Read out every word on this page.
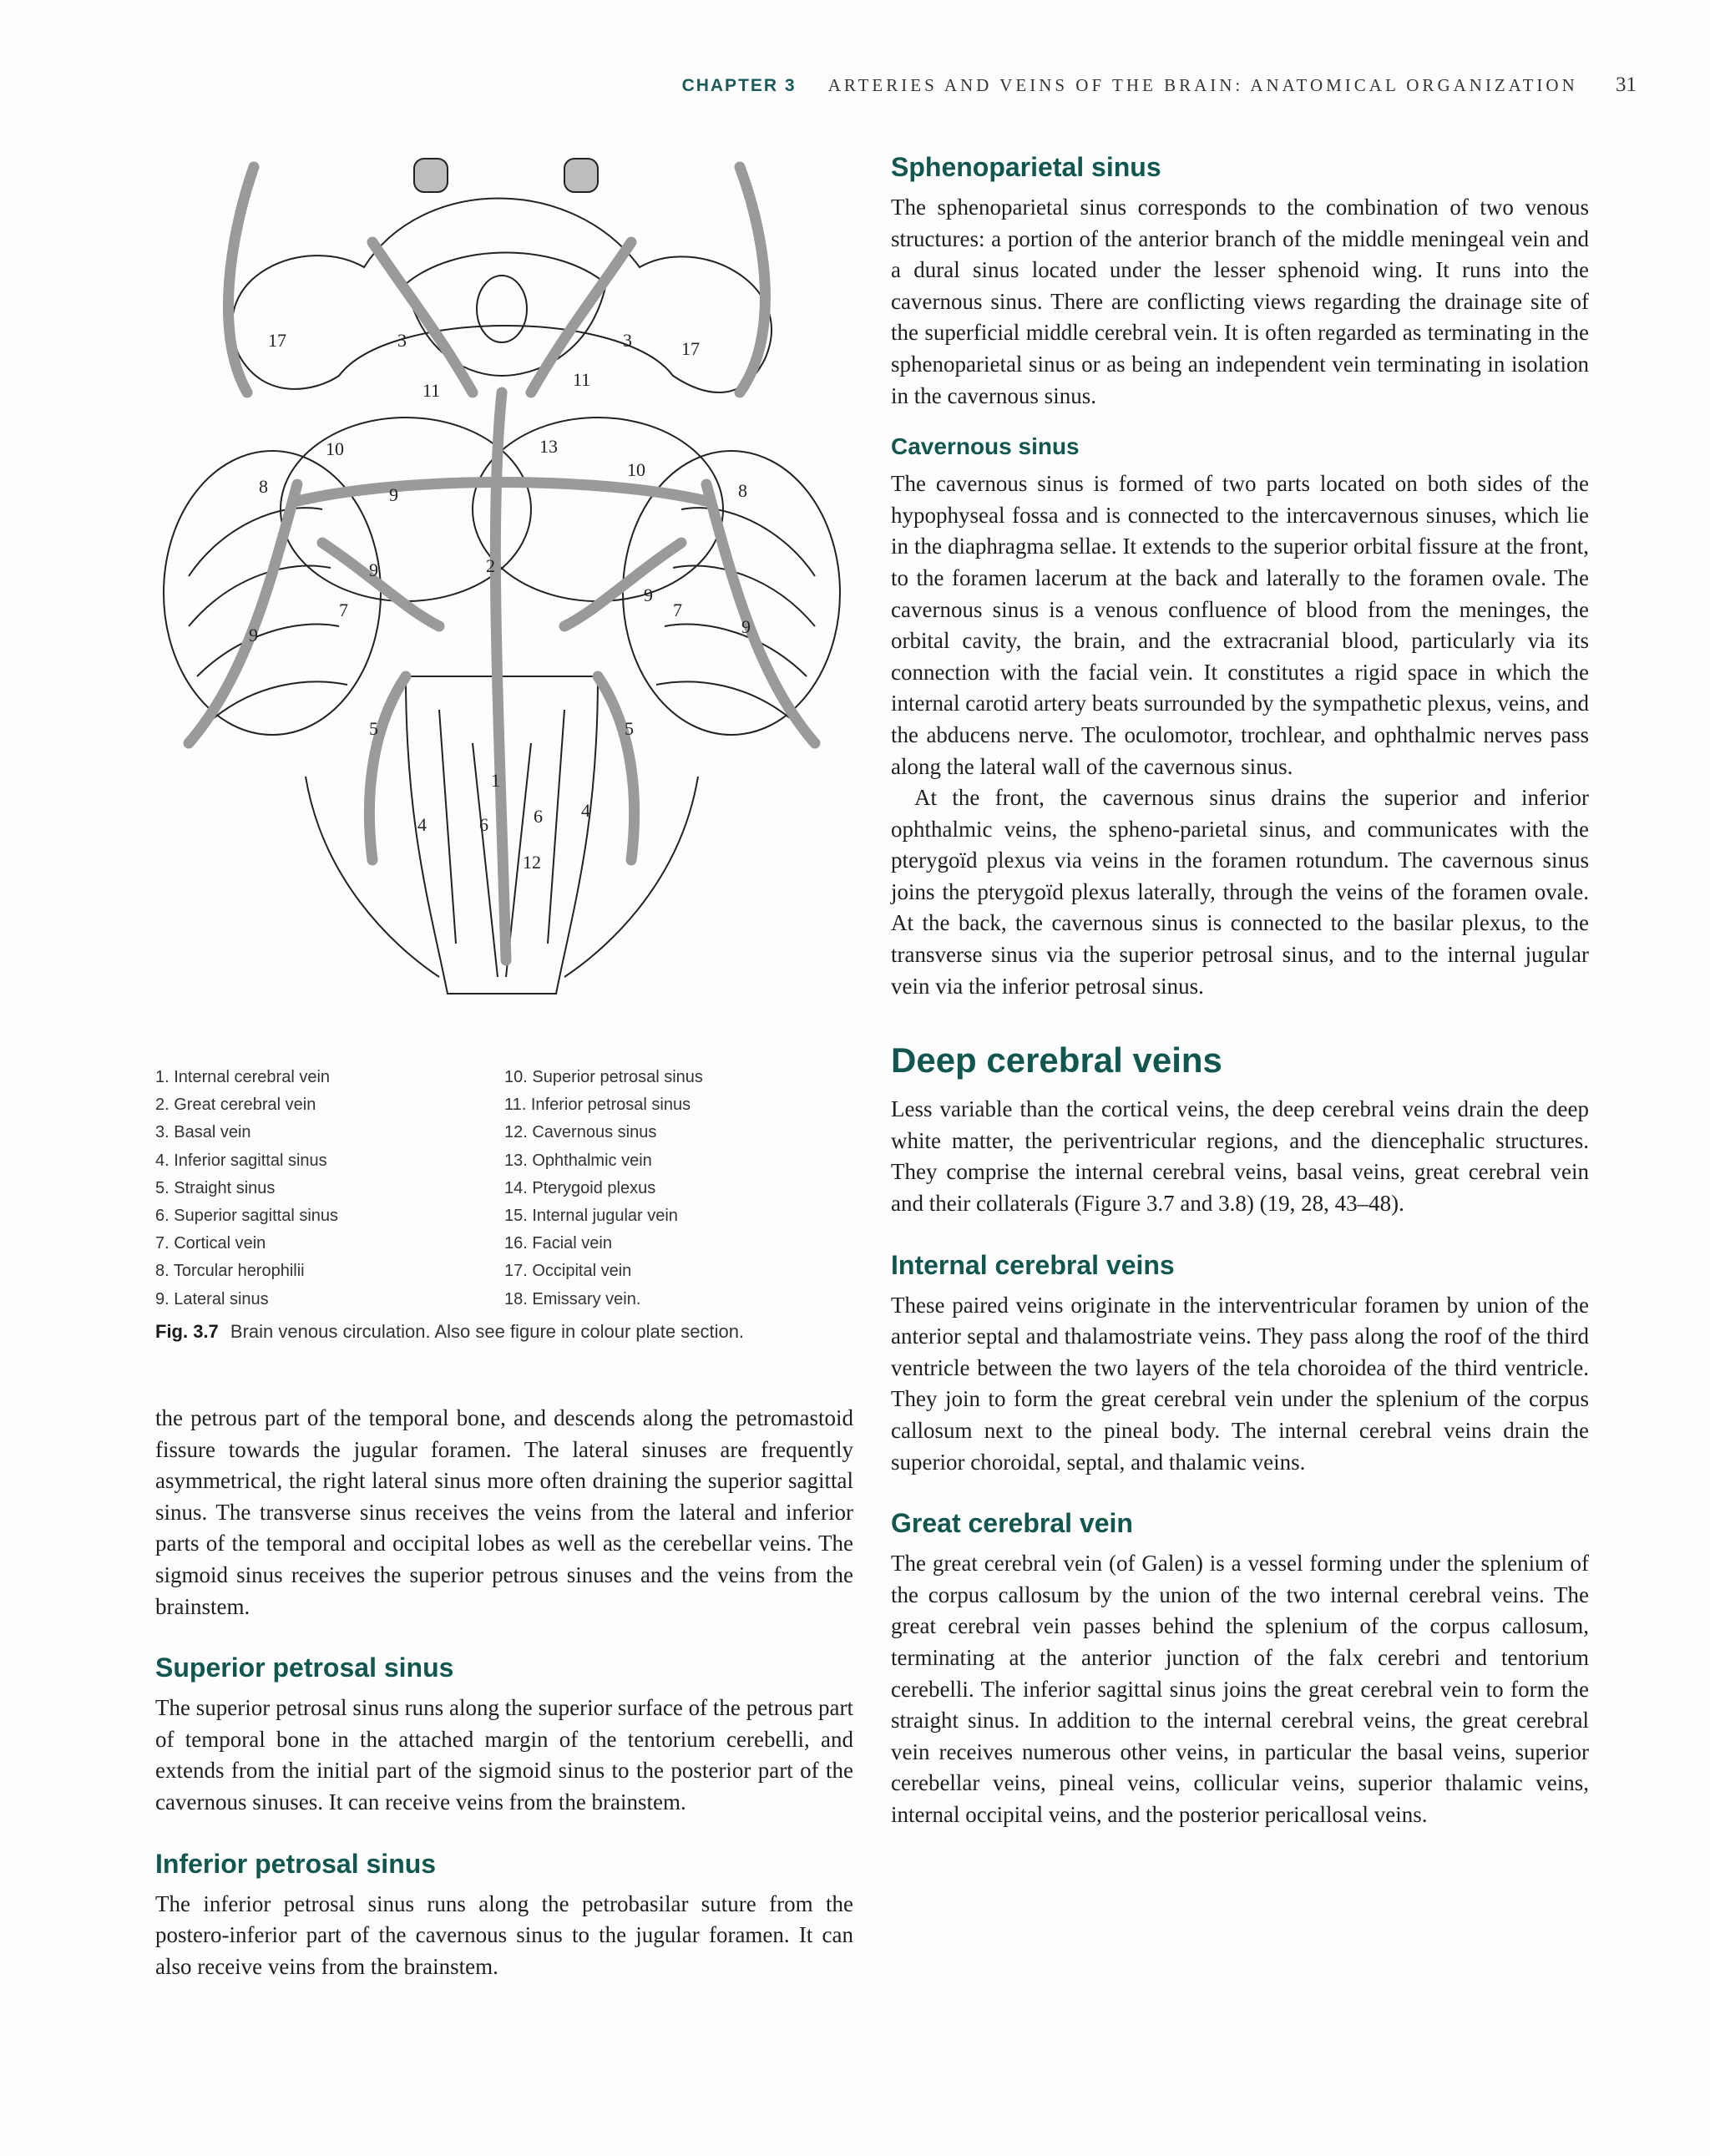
CHAPTER 3 ARTERIES AND VEINS OF THE BRAIN: ANATOMICAL ORGANIZATION 31
17	3	3	17
11
11
10	13
10
8	9	8
2
9
9
7
9
7
9
5	5
1
4	6 6 4
12
1. Internal cerebral vein
2. Great cerebral vein
3. Basal vein
4. Inferior sagittal sinus
5. Straight sinus
6. Superior sagittal sinus
7. Cortical vein
8. Torcular herophilii
9. Lateral sinus
10. Superior petrosal sinus
11. Inferior petrosal sinus
12. Cavernous sinus
13. Ophthalmic vein
14. Pterygoid plexus
15. Internal jugular vein
16. Facial vein
17. Occipital vein
18. Emissary vein.
Fig. 3.7 Brain venous circulation. Also see figure in colour plate section.

the petrous part of the temporal bone, and descends along the petromastoid fissure towards the jugular foramen. The lateral sinuses are frequently asymmetrical, the right lateral sinus more often draining the superior sagittal sinus. The transverse sinus receives the veins from the lateral and inferior parts of the temporal and occipital lobes as well as the cerebellar veins. The sigmoid sinus receives the superior petrous sinuses and the veins from the brainstem.

Superior petrosal sinus

The superior petrosal sinus runs along the superior surface of the petrous part of temporal bone in the attached margin of the tentorium cerebelli, and extends from the initial part of the sigmoid sinus to the posterior part of the cavernous sinuses. It can receive veins from the brainstem.

Inferior petrosal sinus

The inferior petrosal sinus runs along the petrobasilar suture from the postero-inferior part of the cavernous sinus to the jugular foramen. It can also receive veins from the brainstem.

Sphenoparietal sinus

The sphenoparietal sinus corresponds to the combination of two venous structures: a portion of the anterior branch of the middle meningeal vein and a dural sinus located under the lesser sphenoid wing. It runs into the cavernous sinus. There are conflicting views regarding the drainage site of the superficial middle cerebral vein. It is often regarded as terminating in the sphenoparietal sinus or as being an independent vein terminating in isolation in the cavernous sinus.

Cavernous sinus

The cavernous sinus is formed of two parts located on both sides of the hypophyseal fossa and is connected to the intercavernous sinuses, which lie in the diaphragma sellae. It extends to the superior orbital fissure at the front, to the foramen lacerum at the back and laterally to the foramen ovale. The cavernous sinus is a venous confluence of blood from the meninges, the orbital cavity, the brain, and the extracranial blood, particularly via its connection with the facial vein. It constitutes a rigid space in which the internal carotid artery beats surrounded by the sympathetic plexus, veins, and the abducens nerve. The oculomotor, trochlear, and ophthalmic nerves pass along the lateral wall of the cavernous sinus.

At the front, the cavernous sinus drains the superior and inferior ophthalmic veins, the spheno-parietal sinus, and communicates with the pterygoïd plexus via veins in the foramen rotundum. The cavernous sinus joins the pterygoïd plexus laterally, through the veins of the foramen ovale. At the back, the cavernous sinus is connected to the basilar plexus, to the transverse sinus via the superior petrosal sinus, and to the internal jugular vein via the inferior petrosal sinus.

Deep cerebral veins

Less variable than the cortical veins, the deep cerebral veins drain the deep white matter, the periventricular regions, and the diencephalic structures. They comprise the internal cerebral veins, basal veins, great cerebral vein and their collaterals (Figure 3.7 and 3.8) (19, 28, 43–48).

Internal cerebral veins

These paired veins originate in the interventricular foramen by union of the anterior septal and thalamostriate veins. They pass along the roof of the third ventricle between the two layers of the tela choroidea of the third ventricle. They join to form the great cerebral vein under the splenium of the corpus callosum next to the pineal body. The internal cerebral veins drain the superior choroidal, septal, and thalamic veins.

Great cerebral vein

The great cerebral vein (of Galen) is a vessel forming under the splenium of the corpus callosum by the union of the two internal cerebral veins. The great cerebral vein passes behind the splenium of the corpus callosum, terminating at the anterior junction of the falx cerebri and tentorium cerebelli. The inferior sagittal sinus joins the great cerebral vein to form the straight sinus. In addition to the internal cerebral veins, the great cerebral vein receives numerous other veins, in particular the basal veins, superior cerebellar veins, pineal veins, collicular veins, superior thalamic veins, internal occipital veins, and the posterior pericallosal veins.
